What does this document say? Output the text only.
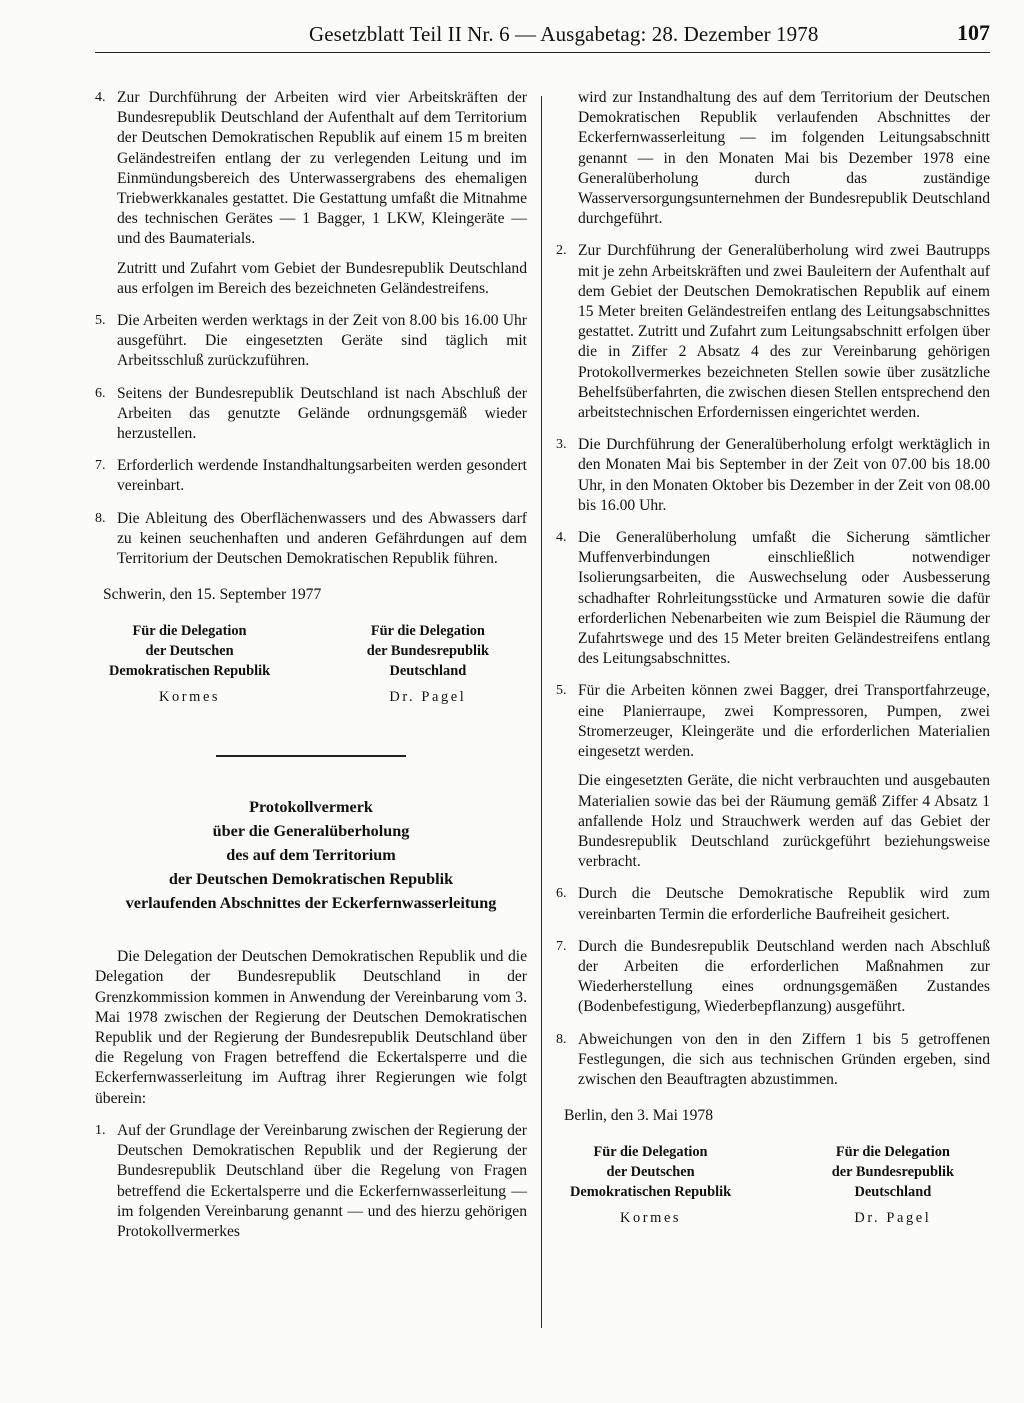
Gesetzblatt Teil II Nr. 6 — Ausgabetag: 28. Dezember 1978	107
4. Zur Durchführung der Arbeiten wird vier Arbeitskräften der Bundesrepublik Deutschland der Aufenthalt auf dem Territorium der Deutschen Demokratischen Republik auf einem 15 m breiten Geländestreifen entlang der zu verlegenden Leitung und im Einmündungsbereich des Unterwassergrabens des ehemaligen Triebwerkkanales gestattet. Die Gestattung umfaßt die Mitnahme des technischen Gerätes — 1 Bagger, 1 LKW, Kleingeräte — und des Baumaterials.

Zutritt und Zufahrt vom Gebiet der Bundesrepublik Deutschland aus erfolgen im Bereich des bezeichneten Geländestreifens.

5. Die Arbeiten werden werktags in der Zeit von 8.00 bis 16.00 Uhr ausgeführt. Die eingesetzten Geräte sind täglich mit Arbeitsschluß zurückzuführen.

6. Seitens der Bundesrepublik Deutschland ist nach Abschluß der Arbeiten das genutzte Gelände ordnungsgemäß wieder herzustellen.

7. Erforderlich werdende Instandhaltungsarbeiten werden gesondert vereinbart.

8. Die Ableitung des Oberflächenwassers und des Abwassers darf zu keinen seuchenhaften und anderen Gefährdungen auf dem Territorium der Deutschen Demokratischen Republik führen.

Schwerin, den 15. September 1977
Für die Delegation
der Deutschen
Demokratischen Republik
Kormes
Für die Delegation
der Bundesrepublik
Deutschland
Dr. Pagel
Protokollvermerk
über die Generalüberholung
des auf dem Territorium
der Deutschen Demokratischen Republik
verlaufenden Abschnittes der Eckerfernwasserleitung

Die Delegation der Deutschen Demokratischen Republik und die Delegation der Bundesrepublik Deutschland in der Grenzkommission kommen in Anwendung der Vereinbarung vom 3. Mai 1978 zwischen der Regierung der Deutschen Demokratischen Republik und der Regierung der Bundesrepublik Deutschland über die Regelung von Fragen betreffend die Eckertalsperre und die Eckerfernwasserleitung im Auftrag ihrer Regierungen wie folgt überein:

1. Auf der Grundlage der Vereinbarung zwischen der Regierung der Deutschen Demokratischen Republik und der Regierung der Bundesrepublik Deutschland über die Regelung von Fragen betreffend die Eckertalsperre und die Eckerfernwasserleitung — im folgenden Vereinbarung genannt — und des hierzu gehörigen Protokollvermerkes

wird zur Instandhaltung des auf dem Territorium der Deutschen Demokratischen Republik verlaufenden Abschnittes der Eckerfernwasserleitung — im folgenden Leitungsabschnitt genannt — in den Monaten Mai bis Dezember 1978 eine Generalüberholung durch das zuständige Wasserversorgungsunternehmen der Bundesrepublik Deutschland durchgeführt.

2. Zur Durchführung der Generalüberholung wird zwei Bautrupps mit je zehn Arbeitskräften und zwei Bauleitern der Aufenthalt auf dem Gebiet der Deutschen Demokratischen Republik auf einem 15 Meter breiten Geländestreifen entlang des Leitungsabschnittes gestattet. Zutritt und Zufahrt zum Leitungsabschnitt erfolgen über die in Ziffer 2 Absatz 4 des zur Vereinbarung gehörigen Protokollvermerkes bezeichneten Stellen sowie über zusätzliche Behelfsüberfahrten, die zwischen diesen Stellen entsprechend den arbeitstechnischen Erfordernissen eingerichtet werden.

3. Die Durchführung der Generalüberholung erfolgt werktäglich in den Monaten Mai bis September in der Zeit von 07.00 bis 18.00 Uhr, in den Monaten Oktober bis Dezember in der Zeit von 08.00 bis 16.00 Uhr.

4. Die Generalüberholung umfaßt die Sicherung sämtlicher Muffenverbindungen einschließlich notwendiger Isolierungsarbeiten, die Auswechselung oder Ausbesserung schadhafter Rohrleitungsstücke und Armaturen sowie die dafür erforderlichen Nebenarbeiten wie zum Beispiel die Räumung der Zufahrtswege und des 15 Meter breiten Geländestreifens entlang des Leitungsabschnittes.

5. Für die Arbeiten können zwei Bagger, drei Transportfahrzeuge, eine Planierraupe, zwei Kompressoren, Pumpen, zwei Stromerzeuger, Kleingeräte und die erforderlichen Materialien eingesetzt werden.

Die eingesetzten Geräte, die nicht verbrauchten und ausgebauten Materialien sowie das bei der Räumung gemäß Ziffer 4 Absatz 1 anfallende Holz und Strauchwerk werden auf das Gebiet der Bundesrepublik Deutschland zurückgeführt beziehungsweise verbracht.

6. Durch die Deutsche Demokratische Republik wird zum vereinbarten Termin die erforderliche Baufreiheit gesichert.

7. Durch die Bundesrepublik Deutschland werden nach Abschluß der Arbeiten die erforderlichen Maßnahmen zur Wiederherstellung eines ordnungsgemäßen Zustandes (Bodenbefestigung, Wiederbepflanzung) ausgeführt.

8. Abweichungen von den in den Ziffern 1 bis 5 getroffenen Festlegungen, die sich aus technischen Gründen ergeben, sind zwischen den Beauftragten abzustimmen.

Berlin, den 3. Mai 1978
Für die Delegation
der Deutschen
Demokratischen Republik
Kormes
Für die Delegation
der Bundesrepublik
Deutschland
Dr. Pagel
